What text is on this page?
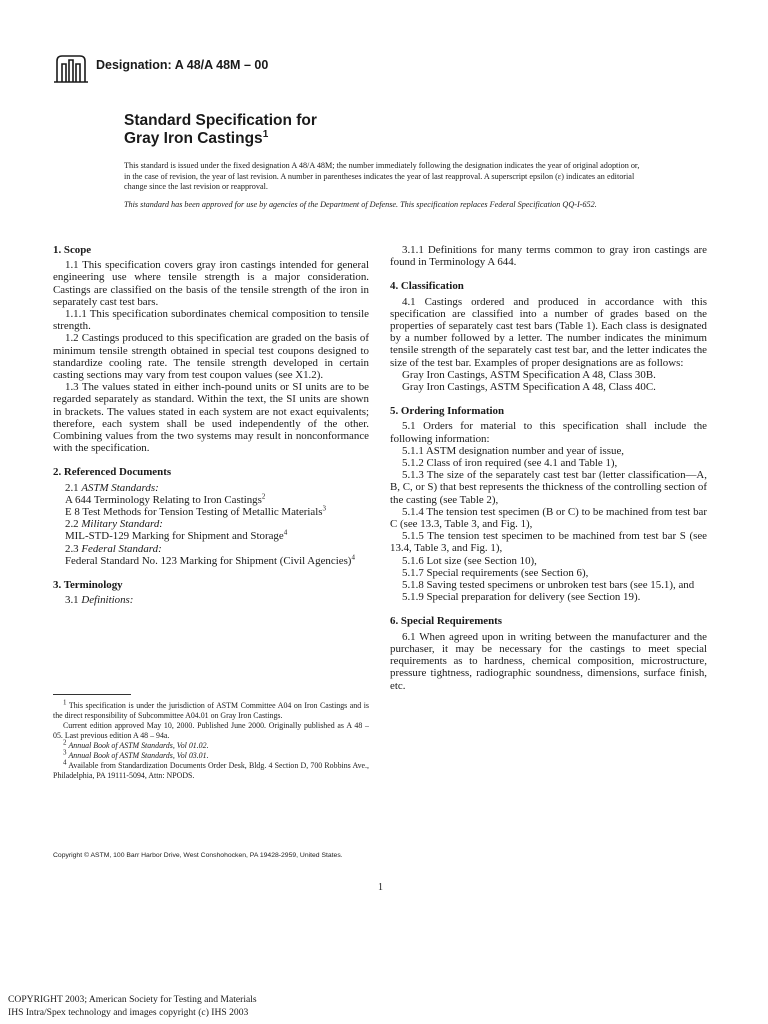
Designation: A 48/A 48M – 00
Standard Specification for
Gray Iron Castings$^1$

This standard is issued under the fixed designation A 48/A 48M; the number immediately following the designation indicates the year of original adoption or, in the case of revision, the year of last revision. A number in parentheses indicates the year of last reapproval. A superscript epsilon (ε) indicates an editorial change since the last revision or reapproval.

This standard has been approved for use by agencies of the Department of Defense. This specification replaces Federal Specification QQ-I-652.

1. Scope

1.1 This specification covers gray iron castings intended for general engineering use where tensile strength is a major consideration. Castings are classified on the basis of the tensile strength of the iron in separately cast test bars.

1.1.1 This specification subordinates chemical composition to tensile strength.

1.2 Castings produced to this specification are graded on the basis of minimum tensile strength obtained in special test coupons designed to standardize cooling rate. The tensile strength developed in certain casting sections may vary from test coupon values (see X1.2).

1.3 The values stated in either inch-pound units or SI units are to be regarded separately as standard. Within the text, the SI units are shown in brackets. The values stated in each system are not exact equivalents; therefore, each system shall be used independently of the other. Combining values from the two systems may result in nonconformance with the specification.

2. Referenced Documents

2.1 ASTM Standards:

A 644 Terminology Relating to Iron Castings$^2$

E 8 Test Methods for Tension Testing of Metallic Materials$^3$

2.2 Military Standard:

MIL-STD-129 Marking for Shipment and Storage$^4$

2.3 Federal Standard:

Federal Standard No. 123 Marking for Shipment (Civil Agencies)$^4$

3. Terminology

3.1 Definitions:

$^1$ This specification is under the jurisdiction of ASTM Committee A04 on Iron Castings and is the direct responsibility of Subcommittee A04.01 on Gray Iron Castings.

Current edition approved May 10, 2000. Published June 2000. Originally published as A 48 – 05. Last previous edition A 48 – 94a.

$^2$ Annual Book of ASTM Standards, Vol 01.02.

$^3$ Annual Book of ASTM Standards, Vol 03.01.

$^4$ Available from Standardization Documents Order Desk, Bldg. 4 Section D, 700 Robbins Ave., Philadelphia, PA 19111-5094, Attn: NPODS.

3.1.1 Definitions for many terms common to gray iron castings are found in Terminology A 644.

4. Classification

4.1 Castings ordered and produced in accordance with this specification are classified into a number of grades based on the properties of separately cast test bars (Table 1). Each class is designated by a number followed by a letter. The number indicates the minimum tensile strength of the separately cast test bar, and the letter indicates the size of the test bar. Examples of proper designations are as follows:

Gray Iron Castings, ASTM Specification A 48, Class 30B.

Gray Iron Castings, ASTM Specification A 48, Class 40C.

5. Ordering Information

5.1 Orders for material to this specification shall include the following information:

5.1.1 ASTM designation number and year of issue,

5.1.2 Class of iron required (see 4.1 and Table 1),

5.1.3 The size of the separately cast test bar (letter classification—A, B, C, or S) that best represents the thickness of the controlling section of the casting (see Table 2),

5.1.4 The tension test specimen (B or C) to be machined from test bar C (see 13.3, Table 3, and Fig. 1),

5.1.5 The tension test specimen to be machined from test bar S (see 13.4, Table 3, and Fig. 1),

5.1.6 Lot size (see Section 10),

5.1.7 Special requirements (see Section 6),

5.1.8 Saving tested specimens or unbroken test bars (see 15.1), and

5.1.9 Special preparation for delivery (see Section 19).

6. Special Requirements

6.1 When agreed upon in writing between the manufacturer and the purchaser, it may be necessary for the castings to meet special requirements as to hardness, chemical composition, microstructure, pressure tightness, radiographic soundness, dimensions, surface finish, etc.

Copyright © ASTM, 100 Barr Harbor Drive, West Conshohocken, PA 19428-2959, United States.
1
COPYRIGHT 2003; American Society for Testing and Materials
IHS Intra/Spex technology and images copyright (c) IHS 2003
